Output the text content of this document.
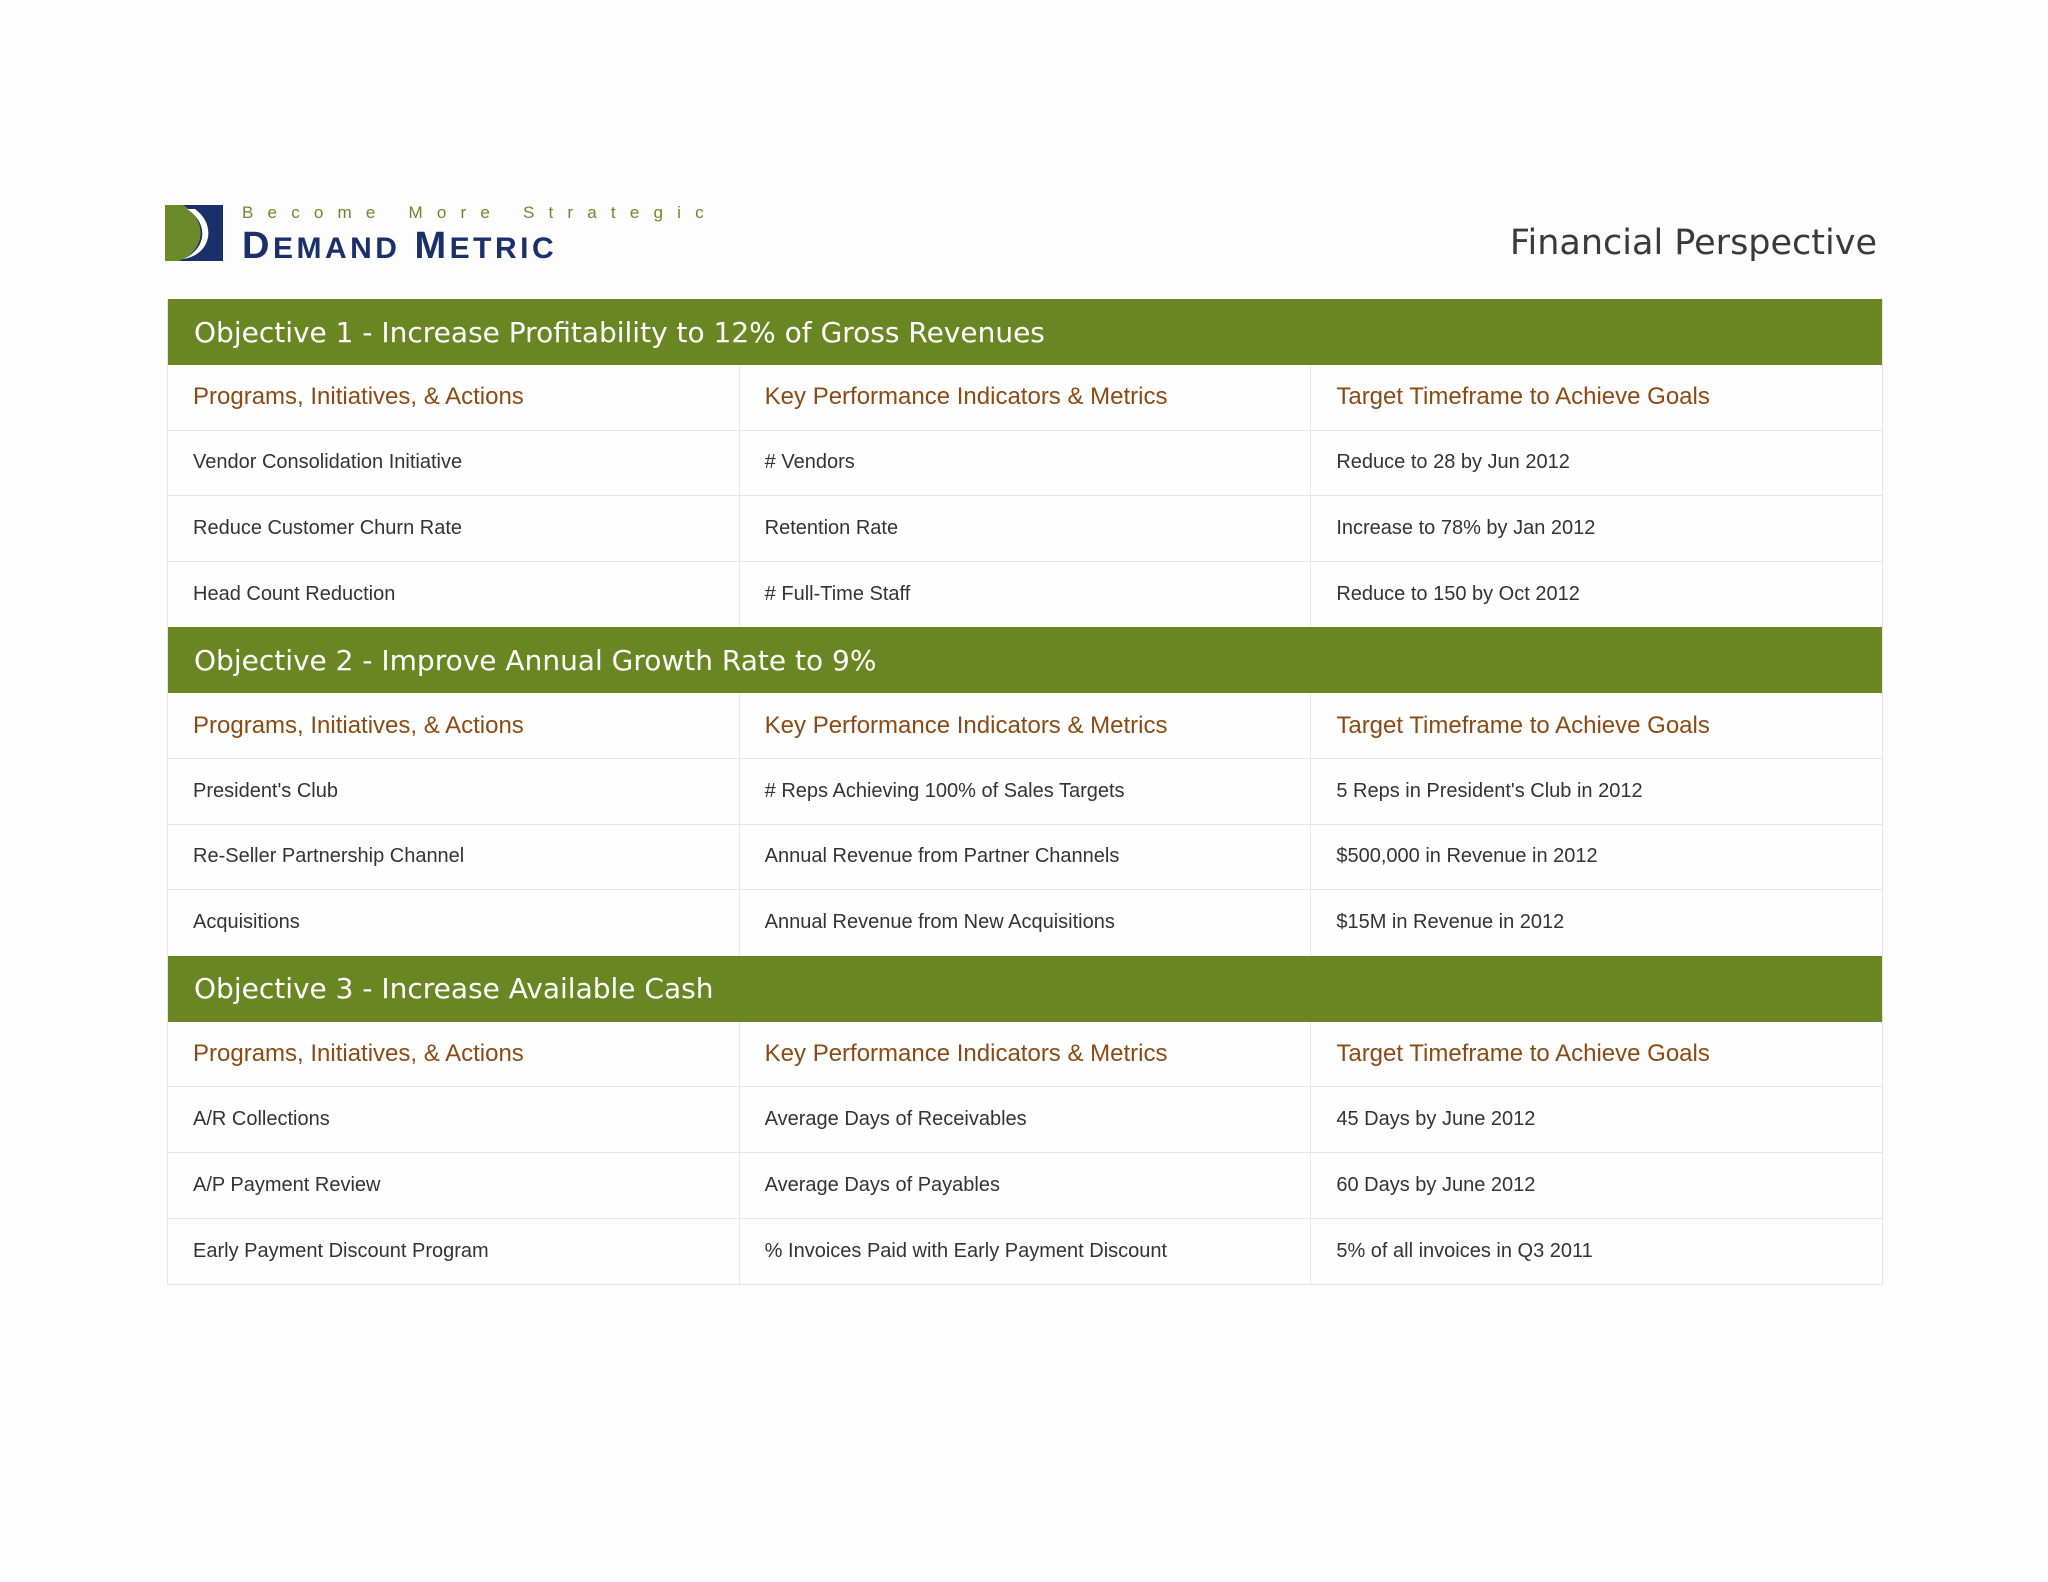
Become More Strategic
DEMAND METRIC	Financial Perspective
Objective 1 - Increase Profitability to 12% of Gross Revenues
Programs, Initiatives, & Actions	Key Performance Indicators & Metrics	Target Timeframe to Achieve Goals
Vendor Consolidation Initiative	# Vendors	Reduce to 28 by Jun 2012
Reduce Customer Churn Rate	Retention Rate	Increase to 78% by Jan 2012
Head Count Reduction	# Full-Time Staff	Reduce to 150 by Oct 2012
Objective 2 - Improve Annual Growth Rate to 9%
Programs, Initiatives, & Actions	Key Performance Indicators & Metrics	Target Timeframe to Achieve Goals
President's Club	# Reps Achieving 100% of Sales Targets	5 Reps in President's Club in 2012
Re-Seller Partnership Channel	Annual Revenue from Partner Channels	$500,000 in Revenue in 2012
Acquisitions	Annual Revenue from New Acquisitions	$15M in Revenue in 2012
Objective 3 - Increase Available Cash
Programs, Initiatives, & Actions	Key Performance Indicators & Metrics	Target Timeframe to Achieve Goals
A/R Collections	Average Days of Receivables	45 Days by June 2012
A/P Payment Review	Average Days of Payables	60 Days by June 2012
Early Payment Discount Program	% Invoices Paid with Early Payment Discount	5% of all invoices in Q3 2011
